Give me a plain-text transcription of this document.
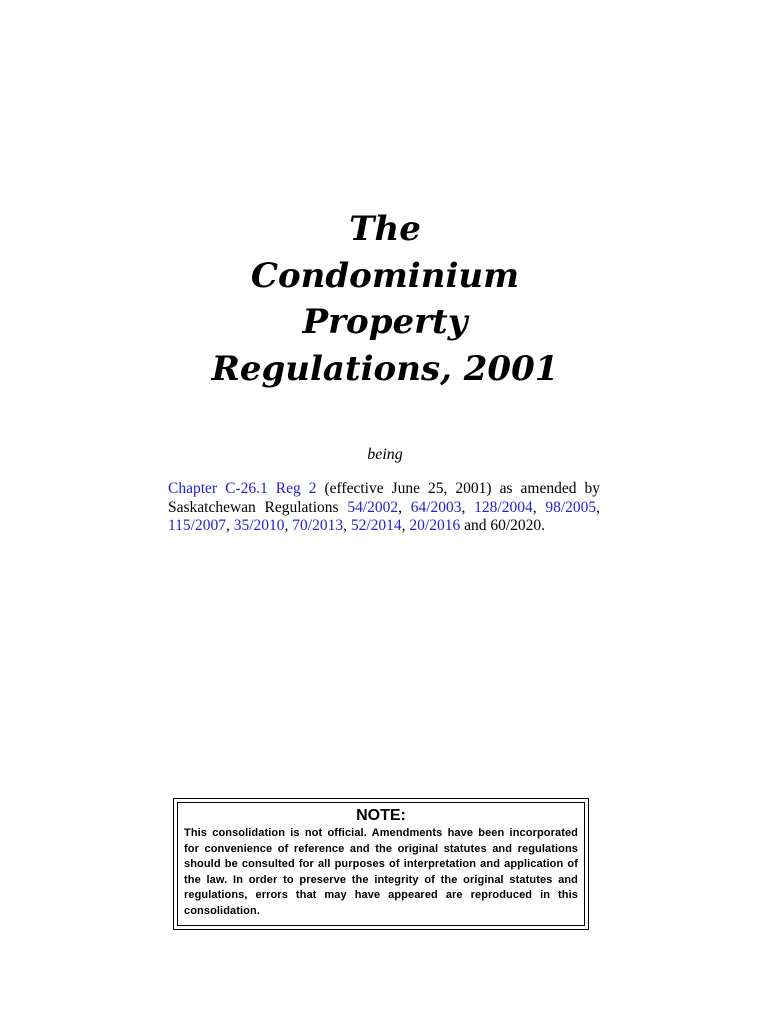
The
Condominium
Property
Regulations, 2001
being

Chapter C-26.1 Reg 2 (effective June 25, 2001) as amended by Saskatchewan Regulations 54/2002, 64/2003, 128/2004, 98/2005, 115/2007, 35/2010, 70/2013, 52/2014, 20/2016 and 60/2020.

NOTE:

This consolidation is not official. Amendments have been incorporated for convenience of reference and the original statutes and regulations should be consulted for all purposes of interpretation and application of the law. In order to preserve the integrity of the original statutes and regulations, errors that may have appeared are reproduced in this consolidation.
